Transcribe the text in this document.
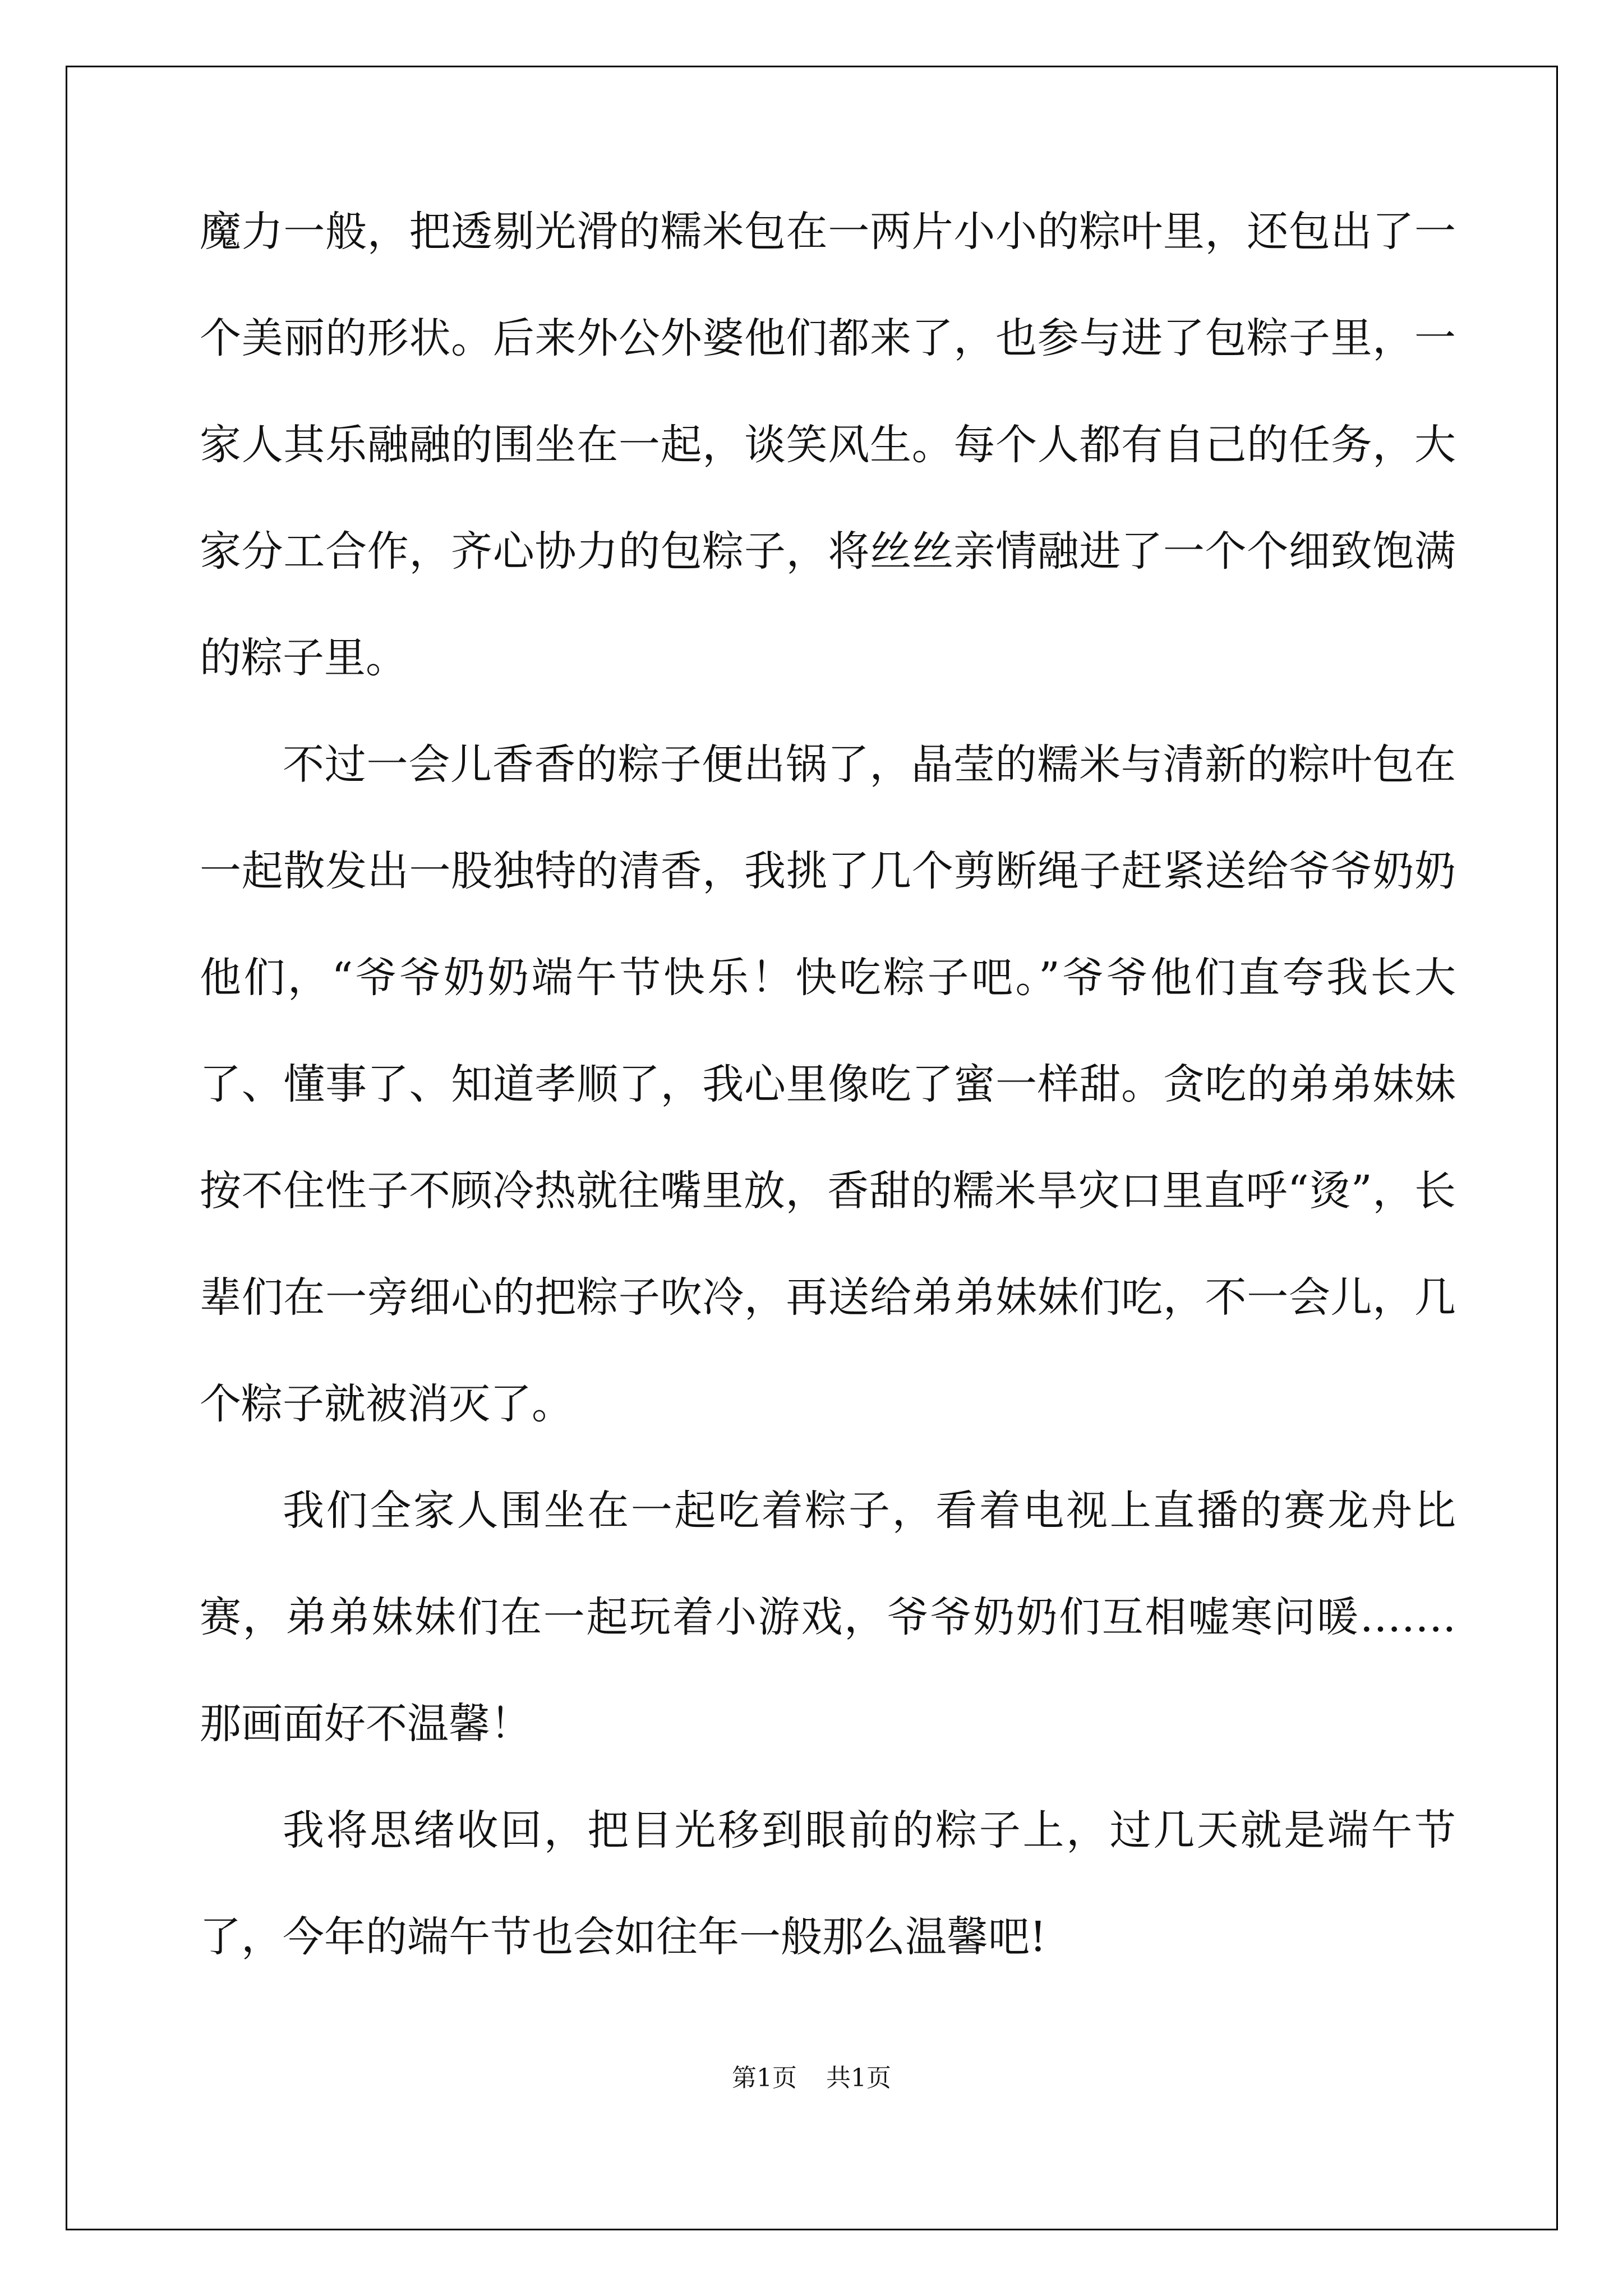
魔力一般，把透剔光滑的糯米包在一两片小小的粽叶里，还包出了一个美丽的形状。后来外公外婆他们都来了，也参与进了包粽子里，一家人其乐融融的围坐在一起，谈笑风生。每个人都有自己的任务，大家分工合作，齐心协力的包粽子，将丝丝亲情融进了一个个细致饱满的粽子里。

不过一会儿香香的粽子便出锅了，晶莹的糯米与清新的粽叶包在一起散发出一股独特的清香，我挑了几个剪断绳子赶紧送给爷爷奶奶他们，“爷爷奶奶端午节快乐！快吃粽子吧。”爷爷他们直夸我长大了、懂事了、知道孝顺了，我心里像吃了蜜一样甜。贪吃的弟弟妹妹按不住性子不顾冷热就往嘴里放，香甜的糯米旱灾口里直呼“烫”，长辈们在一旁细心的把粽子吹冷，再送给弟弟妹妹们吃，不一会儿，几个粽子就被消灭了。

我们全家人围坐在一起吃着粽子，看着电视上直播的赛龙舟比赛，弟弟妹妹们在一起玩着小游戏，爷爷奶奶们互相嘘寒问暖…….那画面好不温馨！

我将思绪收回，把目光移到眼前的粽子上，过几天就是端午节了，今年的端午节也会如往年一般那么温馨吧!

第1页 共1页
